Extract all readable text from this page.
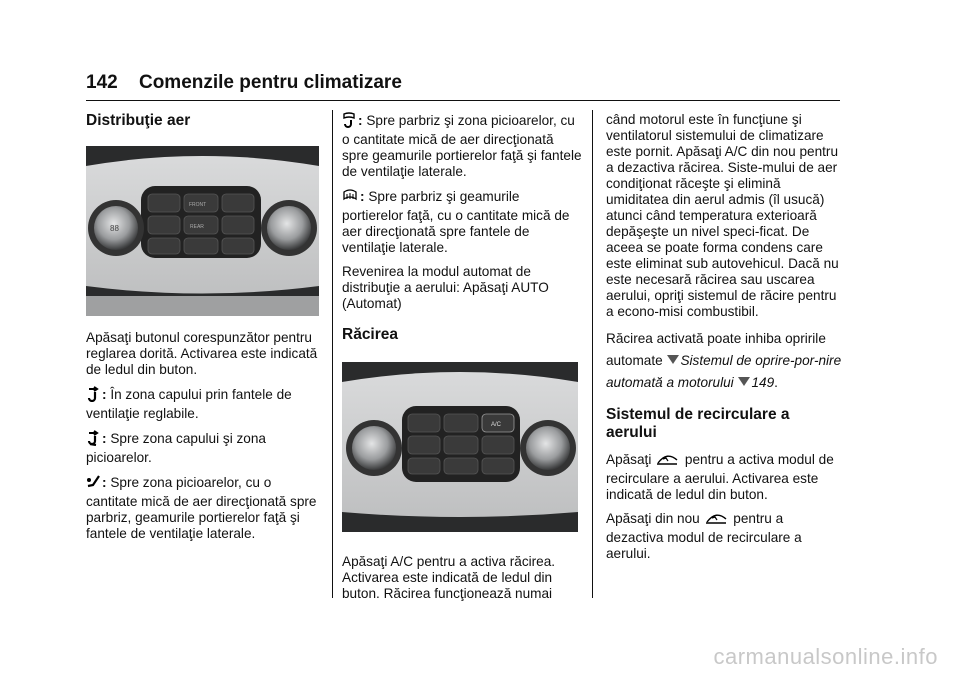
142 Comenzile pentru climatizare
Distribuţie aer
88
FRONT
REAR

Apăsaţi butonul corespunzător pentru reglarea dorită. Activarea este indicată de ledul din buton.

: În zona capului prin fantele de ventilaţie reglabile.

: Spre zona capului şi zona picioarelor.

: Spre zona picioarelor, cu o cantitate mică de aer direcţionată spre parbriz, geamurile portierelor faţă şi fantele de ventilaţie laterale.

: Spre parbriz şi zona picioarelor, cu o cantitate mică de aer direcţionată spre geamurile portierelor faţă şi fantele de ventilaţie laterale.

: Spre parbriz şi geamurile portierelor faţă, cu o cantitate mică de aer direcţionată spre fantele de ventilaţie laterale.

Revenirea la modul automat de distribuţie a aerului: Apăsaţi AUTO (Automat)

Răcirea
A/C

Apăsaţi A/C pentru a activa răcirea. Activarea este indicată de ledul din buton. Răcirea funcţionează numai

când motorul este în funcţiune şi ventilatorul sistemului de climatizare este pornit. Apăsaţi A/C din nou pentru a dezactiva răcirea. Siste-mului de aer condiţionat răceşte şi elimină umiditatea din aerul admis (îl usucă) atunci când temperatura exterioară depăşeşte un nivel speci-ficat. De aceea se poate forma condens care este eliminat sub autovehicul. Dacă nu este necesară răcirea sau uscarea aerului, opriţi sistemul de răcire pentru a econo-misi combustibil.

Răcirea activată poate inhiba opririle automate Sistemul de oprire-por-nire automată a motorului 149.

Sistemul de recirculare a aerului

Apăsaţi pentru a activa modul de recirculare a aerului. Activarea este indicată de ledul din buton.

Apăsaţi din nou pentru a dezactiva modul de recirculare a aerului.

carmanualsonline.info
